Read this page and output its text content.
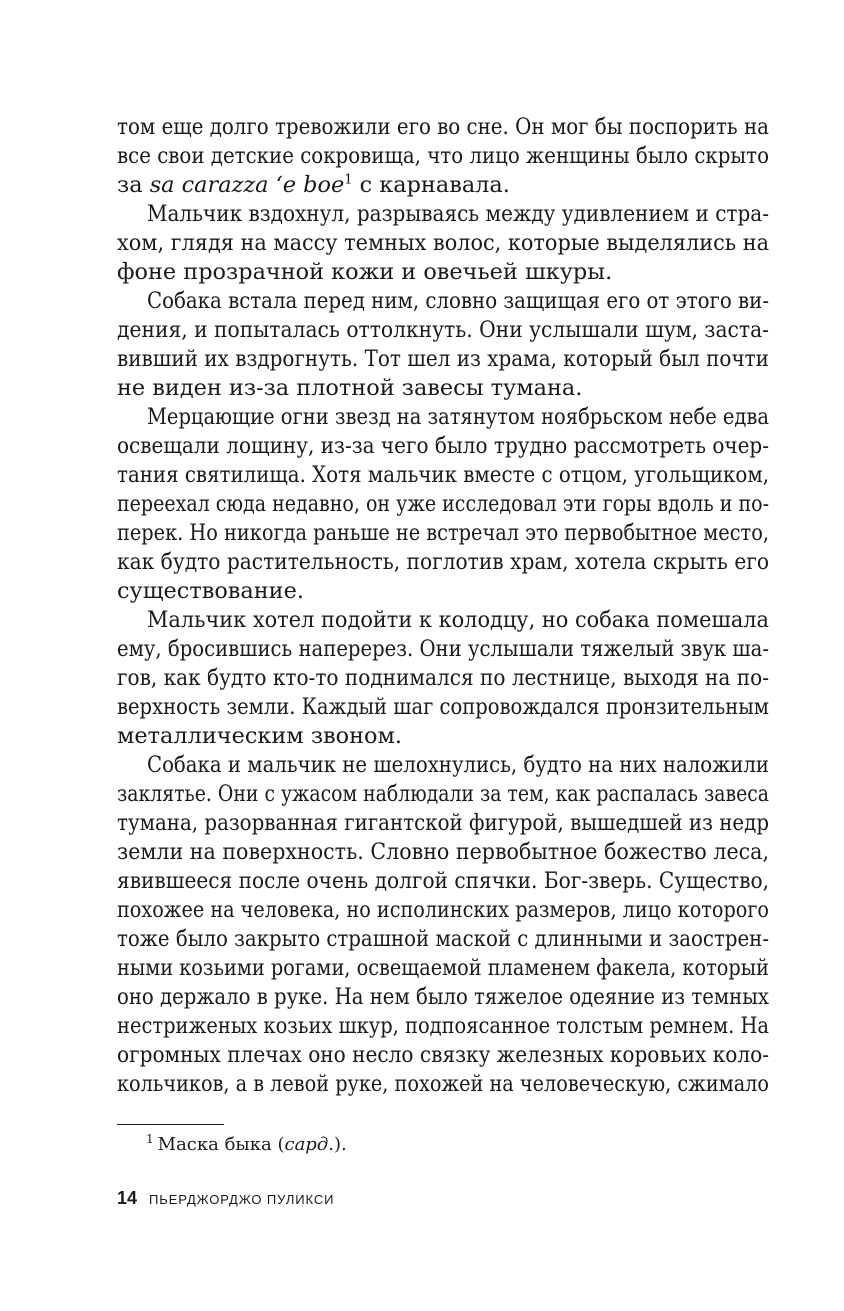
том еще долго тревожили его во сне. Он мог бы поспорить на
все свои детские сокровища, что лицо женщины было скрыто
за sa carazza ‘e boe$^1$ с карнавала.
Мальчик вздохнул, разрываясь между удивлением и стра-
хом, глядя на массу темных волос, которые выделялись на
фоне прозрачной кожи и овечьей шкуры.
Собака встала перед ним, словно защищая его от этого ви-
дения, и попыталась оттолкнуть. Они услышали шум, заста-
вивший их вздрогнуть. Тот шел из храма, который был почти
не виден из-за плотной завесы тумана.
Мерцающие огни звезд на затянутом ноябрьском небе едва
освещали лощину, из-за чего было трудно рассмотреть очер-
тания святилища. Хотя мальчик вместе с отцом, угольщиком,
переехал сюда недавно, он уже исследовал эти горы вдоль и по-
перек. Но никогда раньше не встречал это первобытное место,
как будто растительность, поглотив храм, хотела скрыть его
существование.
Мальчик хотел подойти к колодцу, но собака помешала
ему, бросившись наперерез. Они услышали тяжелый звук ша-
гов, как будто кто-то поднимался по лестнице, выходя на по-
верхность земли. Каждый шаг сопровождался пронзительным
металлическим звоном.
Собака и мальчик не шелохнулись, будто на них наложили
заклятье. Они с ужасом наблюдали за тем, как распалась завеса
тумана, разорванная гигантской фигурой, вышедшей из недр
земли на поверхность. Словно первобытное божество леса,
явившееся после очень долгой спячки. Бог-зверь. Существо,
похожее на человека, но исполинских размеров, лицо которого
тоже было закрыто страшной маской с длинными и заострен-
ными козьими рогами, освещаемой пламенем факела, который
оно держало в руке. На нем было тяжелое одеяние из темных
нестриженых козьих шкур, подпоясанное толстым ремнем. На
огромных плечах оно несло связку железных коровьих коло-
кольчиков, а в левой руке, похожей на человеческую, сжимало
$^1$ Маска быка (сард.).
14 ПЬЕРДЖОРДЖО ПУЛИКСИ
